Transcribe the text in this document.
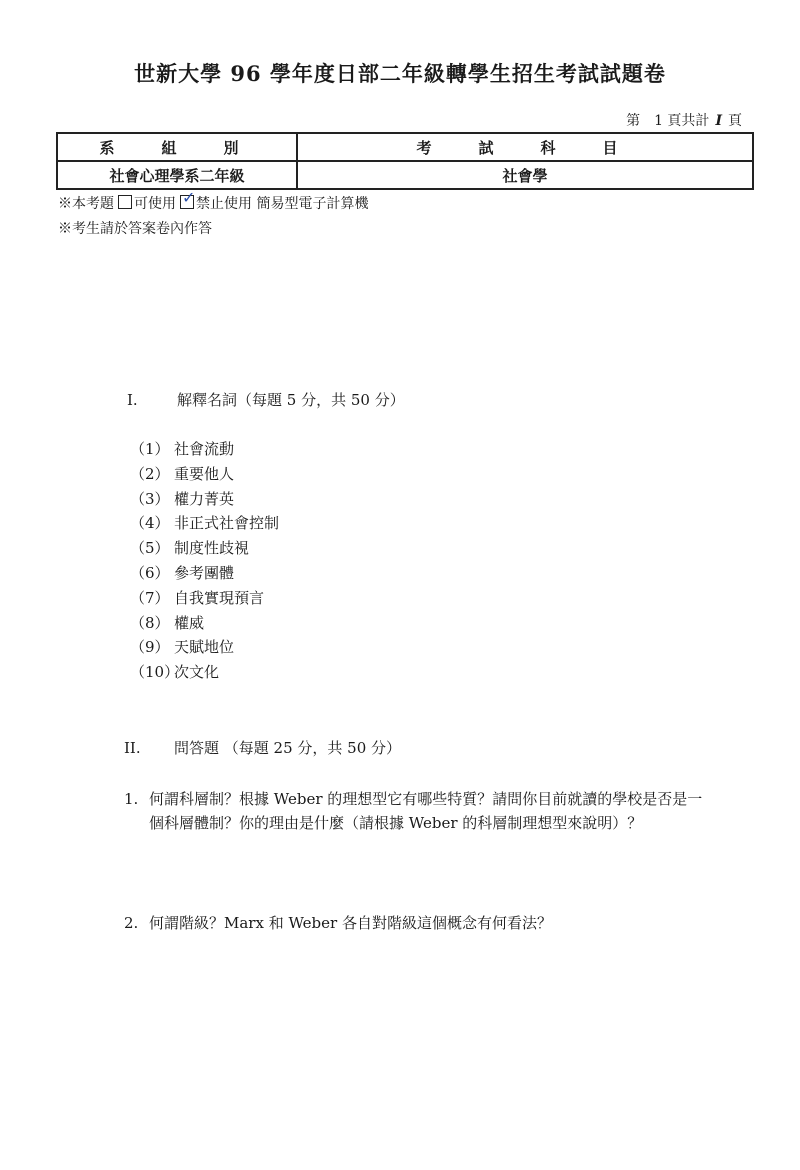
世新大學 96 學年度日部二年級轉學生招生考試試題卷
第　1 頁共計 I 頁
系　組　別	考　試　科　目
社會心理學系二年級	社會學
※本考題 可使用 ✓ 禁止使用 簡易型電子計算機
※考生請於答案卷內作答
I.	解釋名詞（每題 5 分，共 50 分）
（1） 社會流動
（2） 重要他人
（3） 權力菁英
（4） 非正式社會控制
（5） 制度性歧視
（6） 參考團體
（7） 自我實現預言
（8） 權威
（9） 天賦地位
（10）次文化
II. 問答題 （每題 25 分，共 50 分）
1. 何謂科層制？根據 Weber 的理想型它有哪些特質？請問你目前就讀的學校是否是一個科層體制？你的理由是什麼（請根據 Weber 的科層制理想型來說明）？
2. 何謂階級？Marx 和 Weber 各自對階級這個概念有何看法？
